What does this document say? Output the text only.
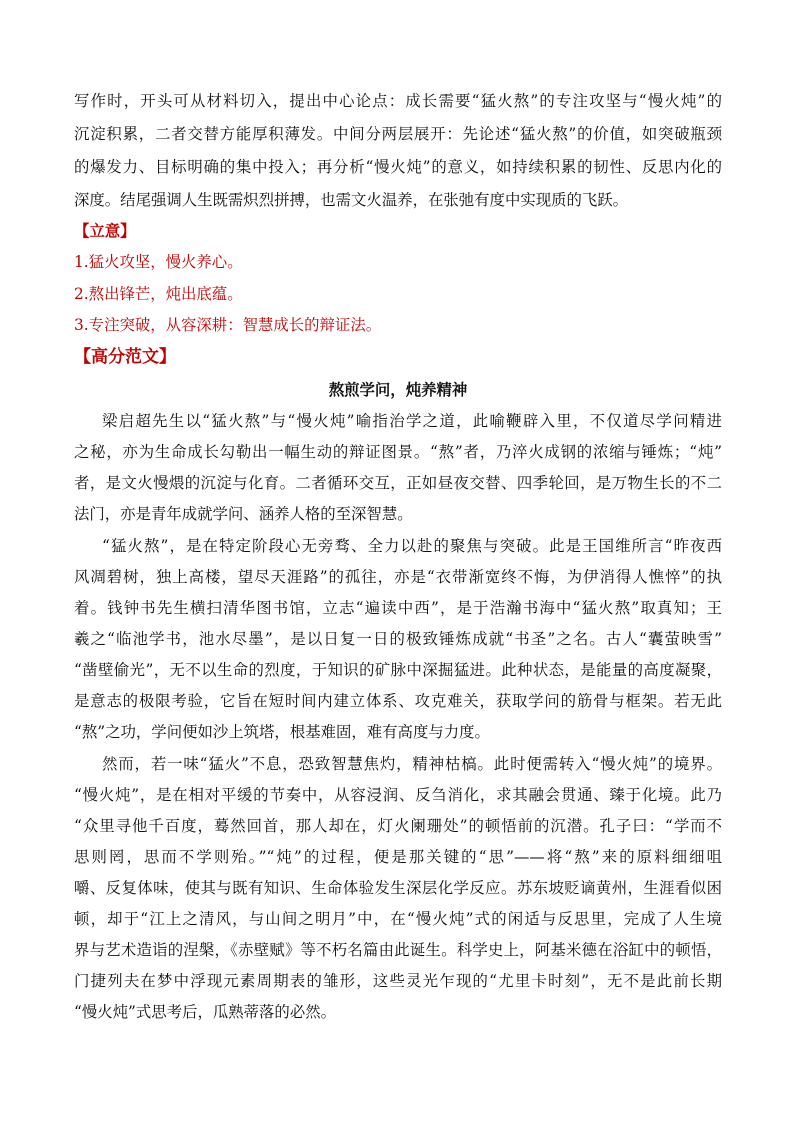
写作时，开头可从材料切入，提出中心论点：成长需要“猛火熬”的专注攻坚与“慢火炖”的
沉淀积累，二者交替方能厚积薄发。中间分两层展开：先论述“猛火熬”的价值，如突破瓶颈
的爆发力、目标明确的集中投入；再分析“慢火炖”的意义，如持续积累的韧性、反思内化的
深度。结尾强调人生既需炽烈拼搏，也需文火温养，在张弛有度中实现质的飞跃。
【立意】
1.猛火攻坚，慢火养心。
2.熬出锋芒，炖出底蕴。
3.专注突破，从容深耕：智慧成长的辩证法。
【高分范文】
熬煎学问，炖养精神
梁启超先生以“猛火熬”与“慢火炖”喻指治学之道，此喻鞭辟入里，不仅道尽学问精进
之秘，亦为生命成长勾勒出一幅生动的辩证图景。“熬”者，乃淬火成钢的浓缩与锤炼；“炖”
者，是文火慢煨的沉淀与化育。二者循环交互，正如昼夜交替、四季轮回，是万物生长的不二
法门，亦是青年成就学问、涵养人格的至深智慧。
“猛火熬”，是在特定阶段心无旁骛、全力以赴的聚焦与突破。此是王国维所言“昨夜西
风凋碧树，独上高楼，望尽天涯路”的孤往，亦是“衣带渐宽终不悔，为伊消得人憔悴”的执
着。钱钟书先生横扫清华图书馆，立志“遍读中西”，是于浩瀚书海中“猛火熬”取真知；王
羲之“临池学书，池水尽墨”，是以日复一日的极致锤炼成就“书圣”之名。古人“囊萤映雪”
“凿壁偷光”，无不以生命的烈度，于知识的矿脉中深掘猛进。此种状态，是能量的高度凝聚，
是意志的极限考验，它旨在短时间内建立体系、攻克难关，获取学问的筋骨与框架。若无此
“熬”之功，学问便如沙上筑塔，根基难固，难有高度与力度。
然而，若一味“猛火”不息，恐致智慧焦灼，精神枯槁。此时便需转入“慢火炖”的境界。
“慢火炖”，是在相对平缓的节奏中，从容浸润、反刍消化，求其融会贯通、臻于化境。此乃
“众里寻他千百度，蓦然回首，那人却在，灯火阑珊处”的顿悟前的沉潜。孔子曰：“学而不
思则罔，思而不学则殆。”“炖”的过程，便是那关键的“思”——将“熬”来的原料细细咀
嚼、反复体味，使其与既有知识、生命体验发生深层化学反应。苏东坡贬谪黄州，生涯看似困
顿，却于“江上之清风，与山间之明月”中，在“慢火炖”式的闲适与反思里，完成了人生境
界与艺术造诣的涅槃，《赤壁赋》等不朽名篇由此诞生。科学史上，阿基米德在浴缸中的顿悟，
门捷列夫在梦中浮现元素周期表的雏形，这些灵光乍现的“尤里卡时刻”，无不是此前长期
“慢火炖”式思考后，瓜熟蒂落的必然。
